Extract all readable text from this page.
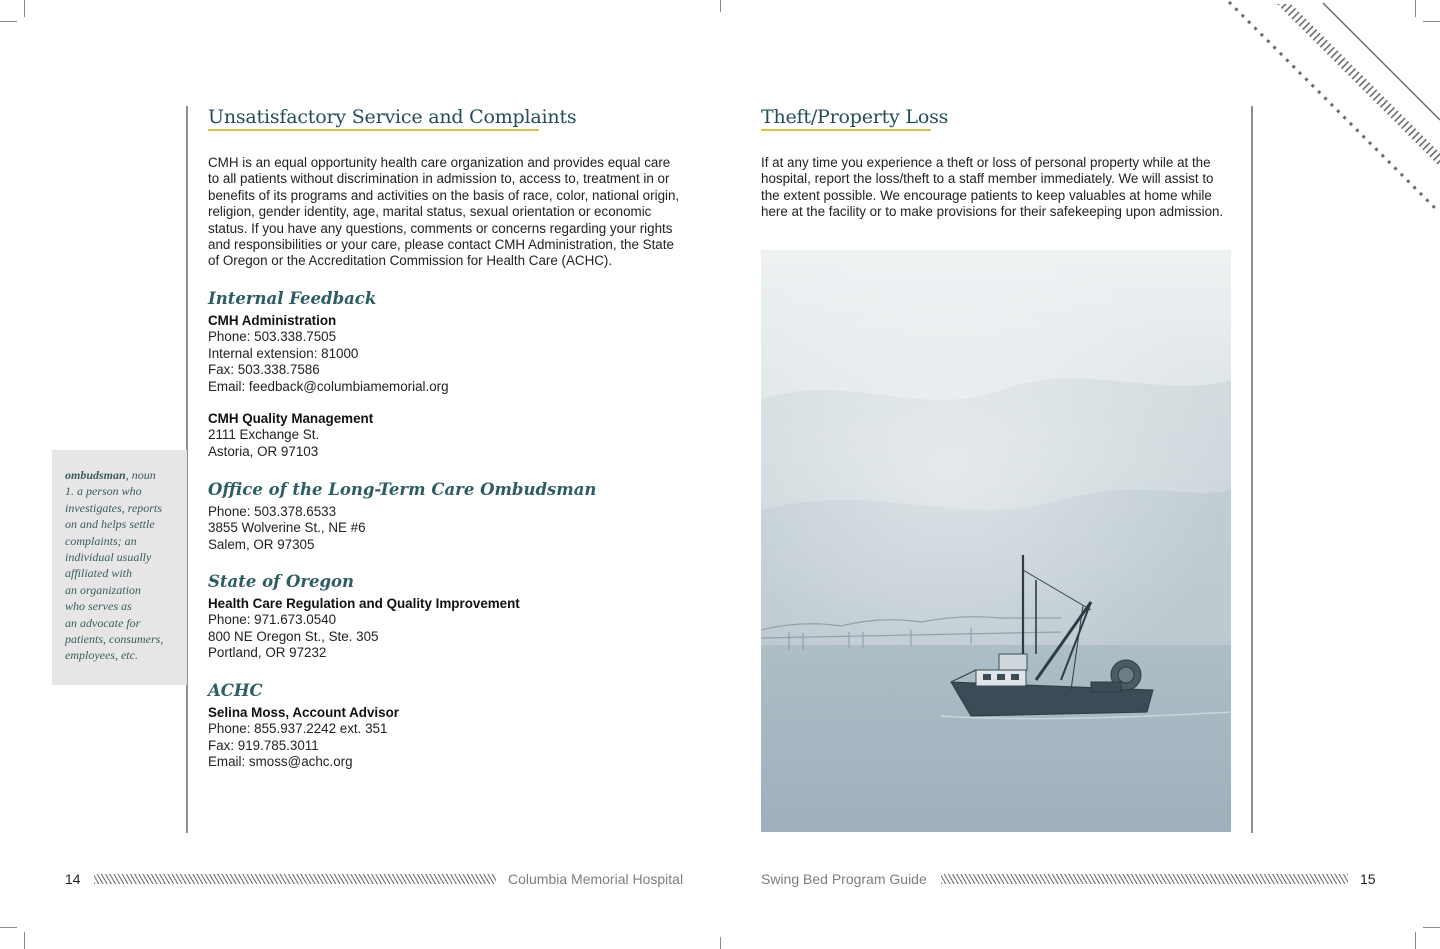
Unsatisfactory Service and Complaints
CMH is an equal opportunity health care organization and provides equal care
to all patients without discrimination in admission to, access to, treatment in or
benefits of its programs and activities on the basis of race, color, national origin,
religion, gender identity, age, marital status, sexual orientation or economic
status. If you have any questions, comments or concerns regarding your rights
and responsibilities or your care, please contact CMH Administration, the State
of Oregon or the Accreditation Commission for Health Care (ACHC).
Internal Feedback
CMH Administration
Phone: 503.338.7505
Internal extension: 81000
Fax: 503.338.7586
Email: feedback@columbiamemorial.org
CMH Quality Management
2111 Exchange St.
Astoria, OR 97103
Office of the Long-Term Care Ombudsman
Phone: 503.378.6533
3855 Wolverine St., NE #6
Salem, OR 97305
State of Oregon
Health Care Regulation and Quality Improvement
Phone: 971.673.0540
800 NE Oregon St., Ste. 305
Portland, OR 97232
ACHC
Selina Moss, Account Advisor
Phone: 855.937.2242 ext. 351
Fax: 919.785.3011
Email: smoss@achc.org
ombudsman, noun
1. a person who
investigates, reports
on and helps settle
complaints; an
individual usually
affiliated with
an organization
who serves as
an advocate for
patients, consumers,
employees, etc.
Theft/Property Loss
If at any time you experience a theft or loss of personal property while at the
hospital, report the loss/theft to a staff member immediately. We will assist to
the extent possible. We encourage patients to keep valuables at home while
here at the facility or to make provisions for their safekeeping upon admission.
14	Columbia Memorial Hospital	Swing Bed Program Guide	15
